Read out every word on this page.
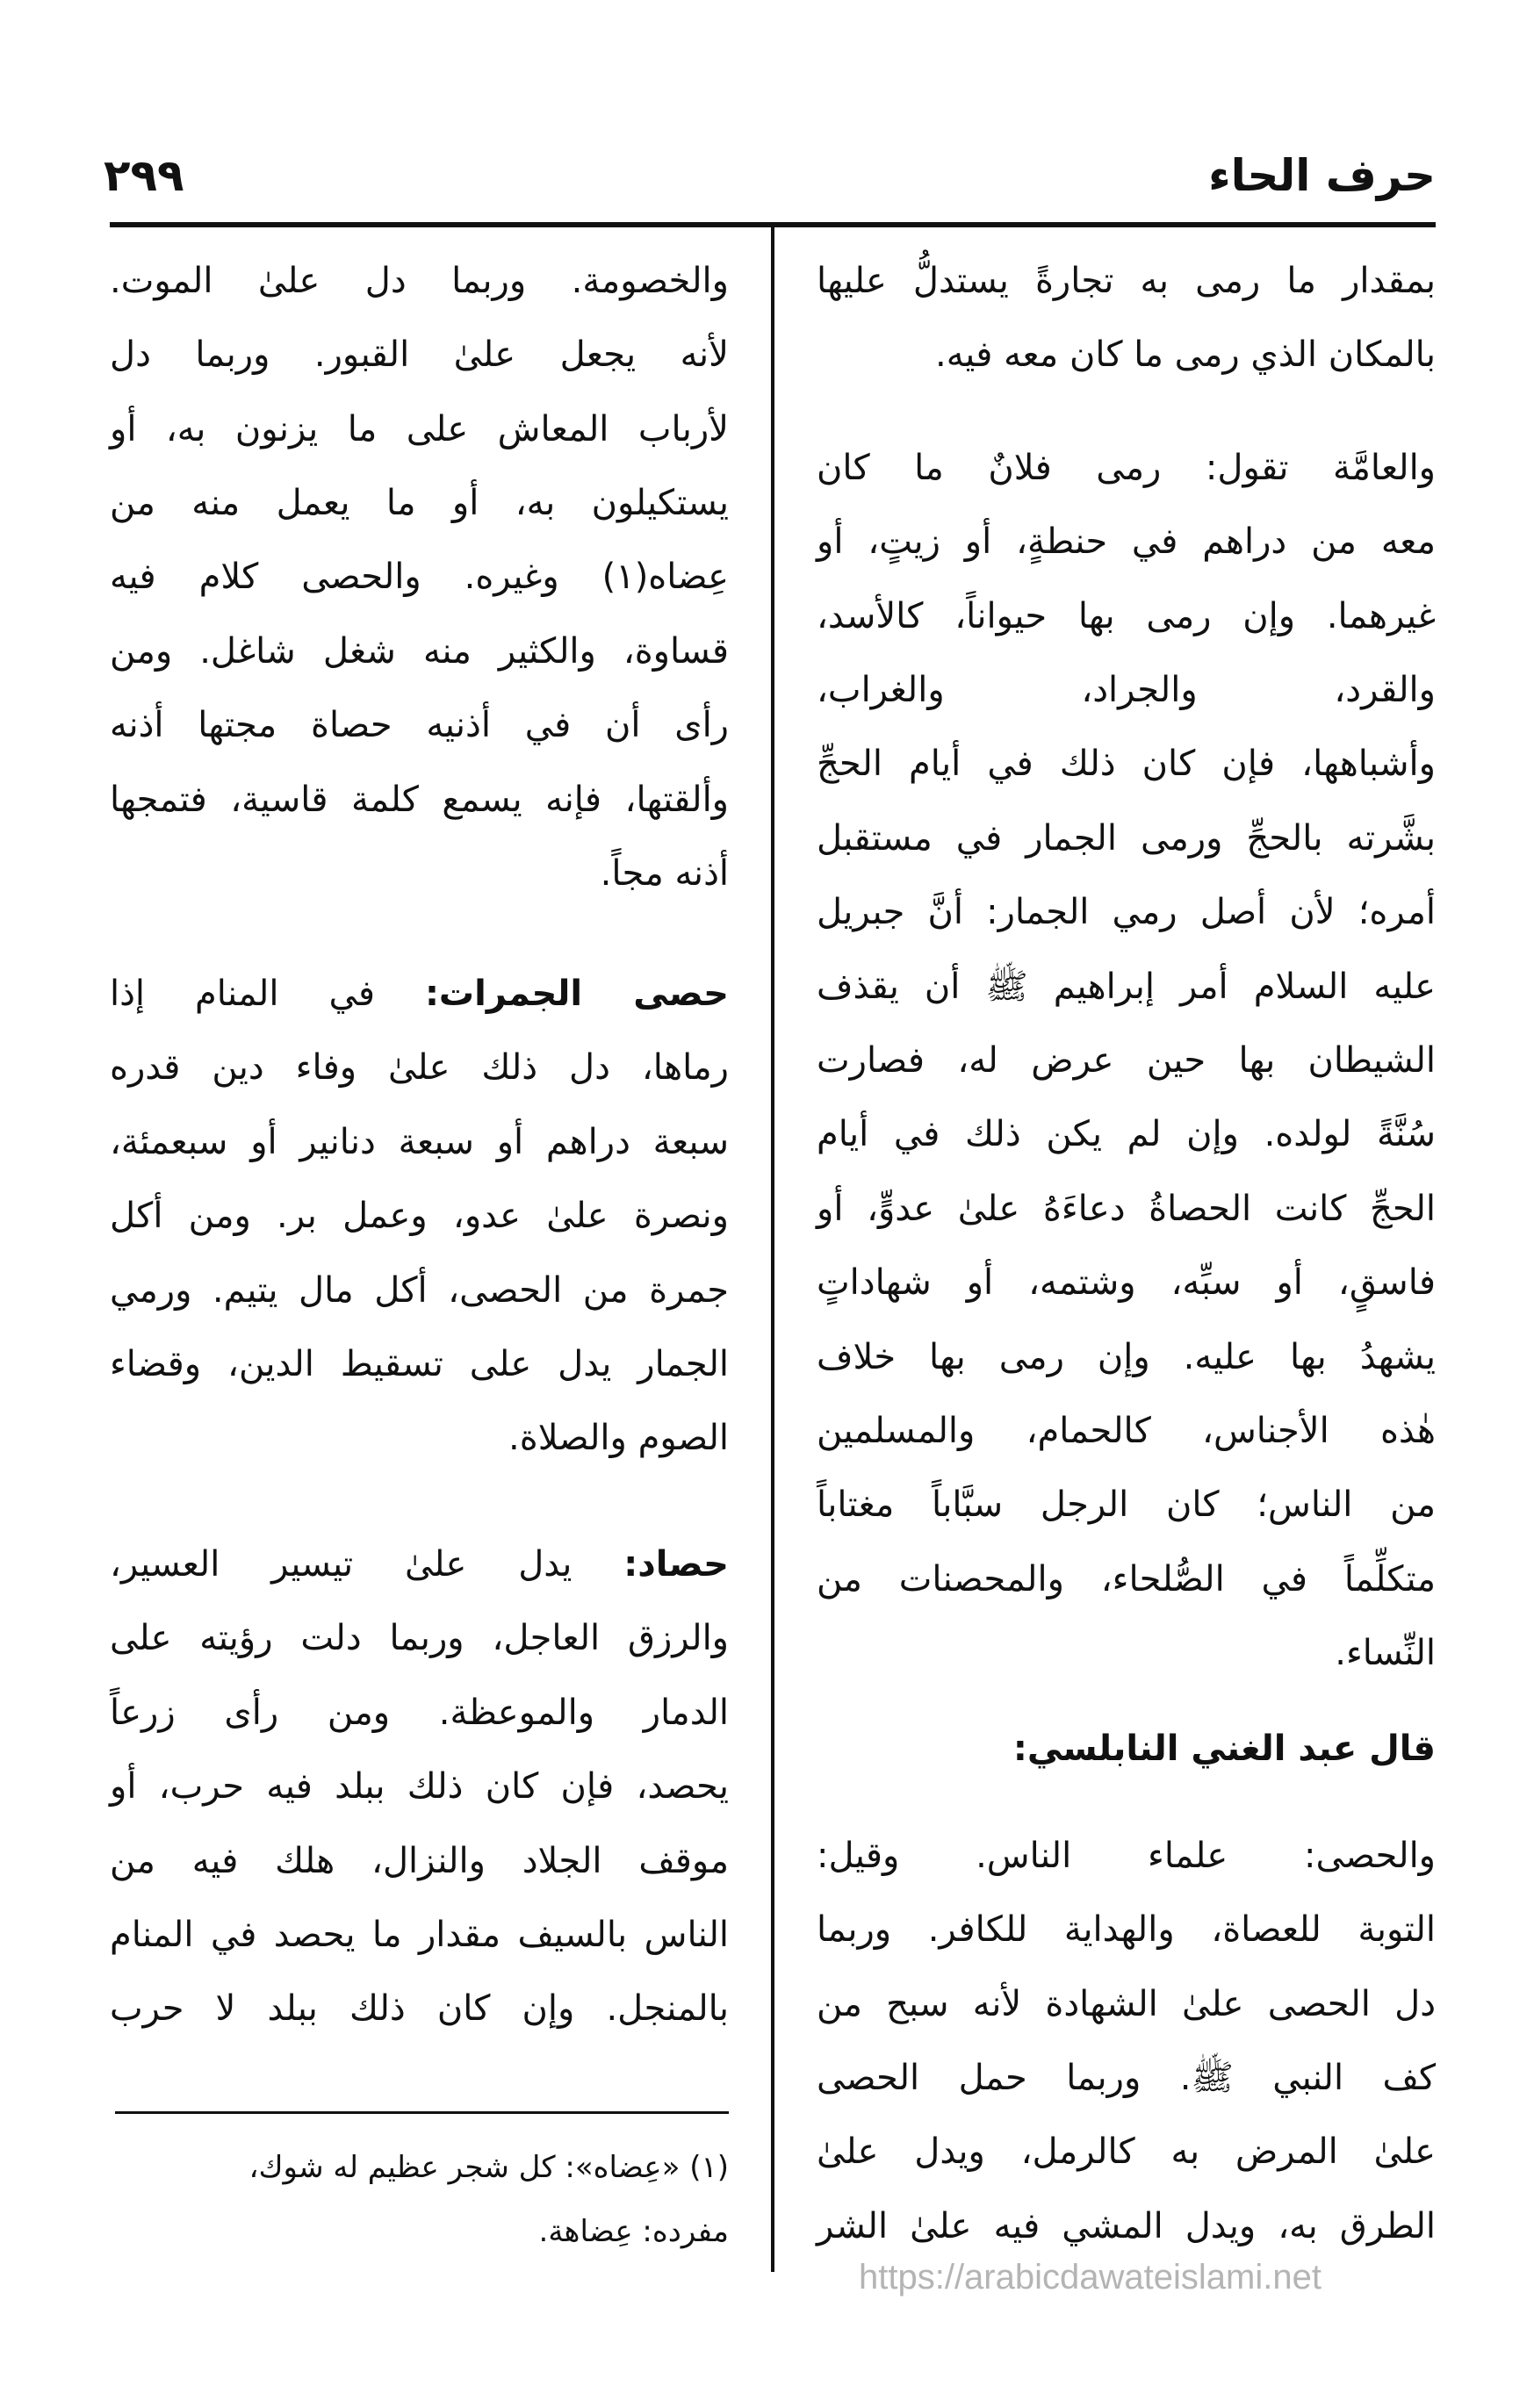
حرف الحاء
٢٩٩
بمقدار ما رمى به تجارةً يستدلُّ عليها
بالمكان الذي رمى ما كان معه فيه.
والعامَّة تقول: رمى فلانٌ ما كان
معه من دراهم في حنطةٍ، أو زيتٍ، أو
غيرهما. وإن رمى بها حيواناً، كالأسد،
والقرد، والجراد، والغراب،
وأشباهها، فإن كان ذلك في أيام الحجِّ
بشَّرته بالحجِّ ورمى الجمار في مستقبل
أمره؛ لأن أصل رمي الجمار: أنَّ جبريل
عليه السلام أمر إبراهيم ﷺ أن يقذف
الشيطان بها حين عرض له، فصارت
سُنَّةً لولده. وإن لم يكن ذلك في أيام
الحجِّ كانت الحصاةُ دعاءَهُ علىٰ عدوٍّ، أو
فاسقٍ، أو سبِّه، وشتمه، أو شهاداتٍ
يشهدُ بها عليه. وإن رمى بها خلاف
هٰذه الأجناس، كالحمام، والمسلمين
من الناس؛ كان الرجل سبَّاباً مغتاباً
متكلِّماً في الصُّلحاء، والمحصنات من
النِّساء.
قال عبد الغني النابلسي:
والحصى: علماء الناس. وقيل:
التوبة للعصاة، والهداية للكافر. وربما
دل الحصى علىٰ الشهادة لأنه سبح من
كف النبي ﷺ. وربما حمل الحصى
علىٰ المرض به كالرمل، ويدل علىٰ
الطرق به، ويدل المشي فيه علىٰ الشر
والخصومة. وربما دل علىٰ الموت.
لأنه يجعل علىٰ القبور. وربما دل
لأرباب المعاش على ما يزنون به، أو
يستكيلون به، أو ما يعمل منه من
عِضاه(١) وغيره. والحصى كلام فيه
قساوة، والكثير منه شغل شاغل. ومن
رأى أن في أذنيه حصاة مجتها أذنه
وألقتها، فإنه يسمع كلمة قاسية، فتمجها
أذنه مجاً.
حصى الجمرات: في المنام إذا
رماها، دل ذلك علىٰ وفاء دين قدره
سبعة دراهم أو سبعة دنانير أو سبعمئة،
ونصرة علىٰ عدو، وعمل بر. ومن أكل
جمرة من الحصى، أكل مال يتيم. ورمي
الجمار يدل على تسقيط الدين، وقضاء
الصوم والصلاة.
حصاد: يدل علىٰ تيسير العسير،
والرزق العاجل، وربما دلت رؤيته على
الدمار والموعظة. ومن رأى زرعاً
يحصد، فإن كان ذلك ببلد فيه حرب، أو
موقف الجلاد والنزال، هلك فيه من
الناس بالسيف مقدار ما يحصد في المنام
بالمنجل. وإن كان ذلك ببلد لا حرب
(١) «عِضاه»: كل شجر عظيم له شوك،
مفرده: عِضاهة.
https://arabicdawateislami.net
